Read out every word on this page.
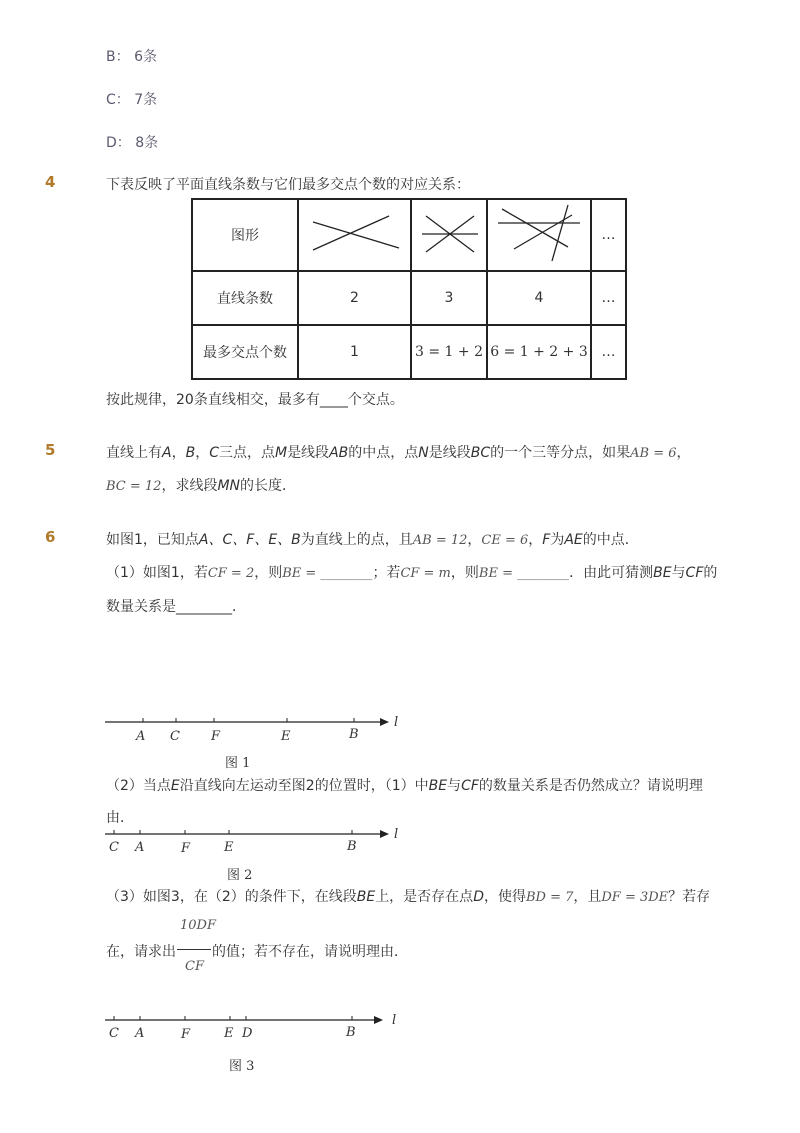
B： 6条
C： 7条
D： 8条
4	下表反映了平面直线条数与它们最多交点个数的对应关系：
图形				…
直线条数	2	3	4	…
最多交点个数	1	3 = 1 + 2	6 = 1 + 2 + 3	…
按此规律，20条直线相交，最多有____个交点。
5	直线上有A，B，C三点，点M是线段AB的中点，点N是线段BC的一个三等分点，如果AB = 6，
BC = 12，求线段MN的长度．
6	如图1，已知点A、C、F、E、B为直线上的点，且AB = 12，CE = 6，F为AE的中点．
（1）如图1，若CF = 2，则BE = ________；若CF = m，则BE = ________．由此可猜测BE与CF的
数量关系是________．
A C F	E	B
l
图 1
（2）当点E沿直线向左运动至图2的位置时，（1）中BE与CF的数量关系是否仍然成立？请说明理
由．
C A	F	E	B
l
图 2
（3）如图3，在（2）的条件下，在线段BE上，是否存在点D，使得BD = 7，且DF = 3DE？若存
10DF
CF
在，请求出	的值；若不存在，请说明理由．
C A	F	E D	B
l
图 3
